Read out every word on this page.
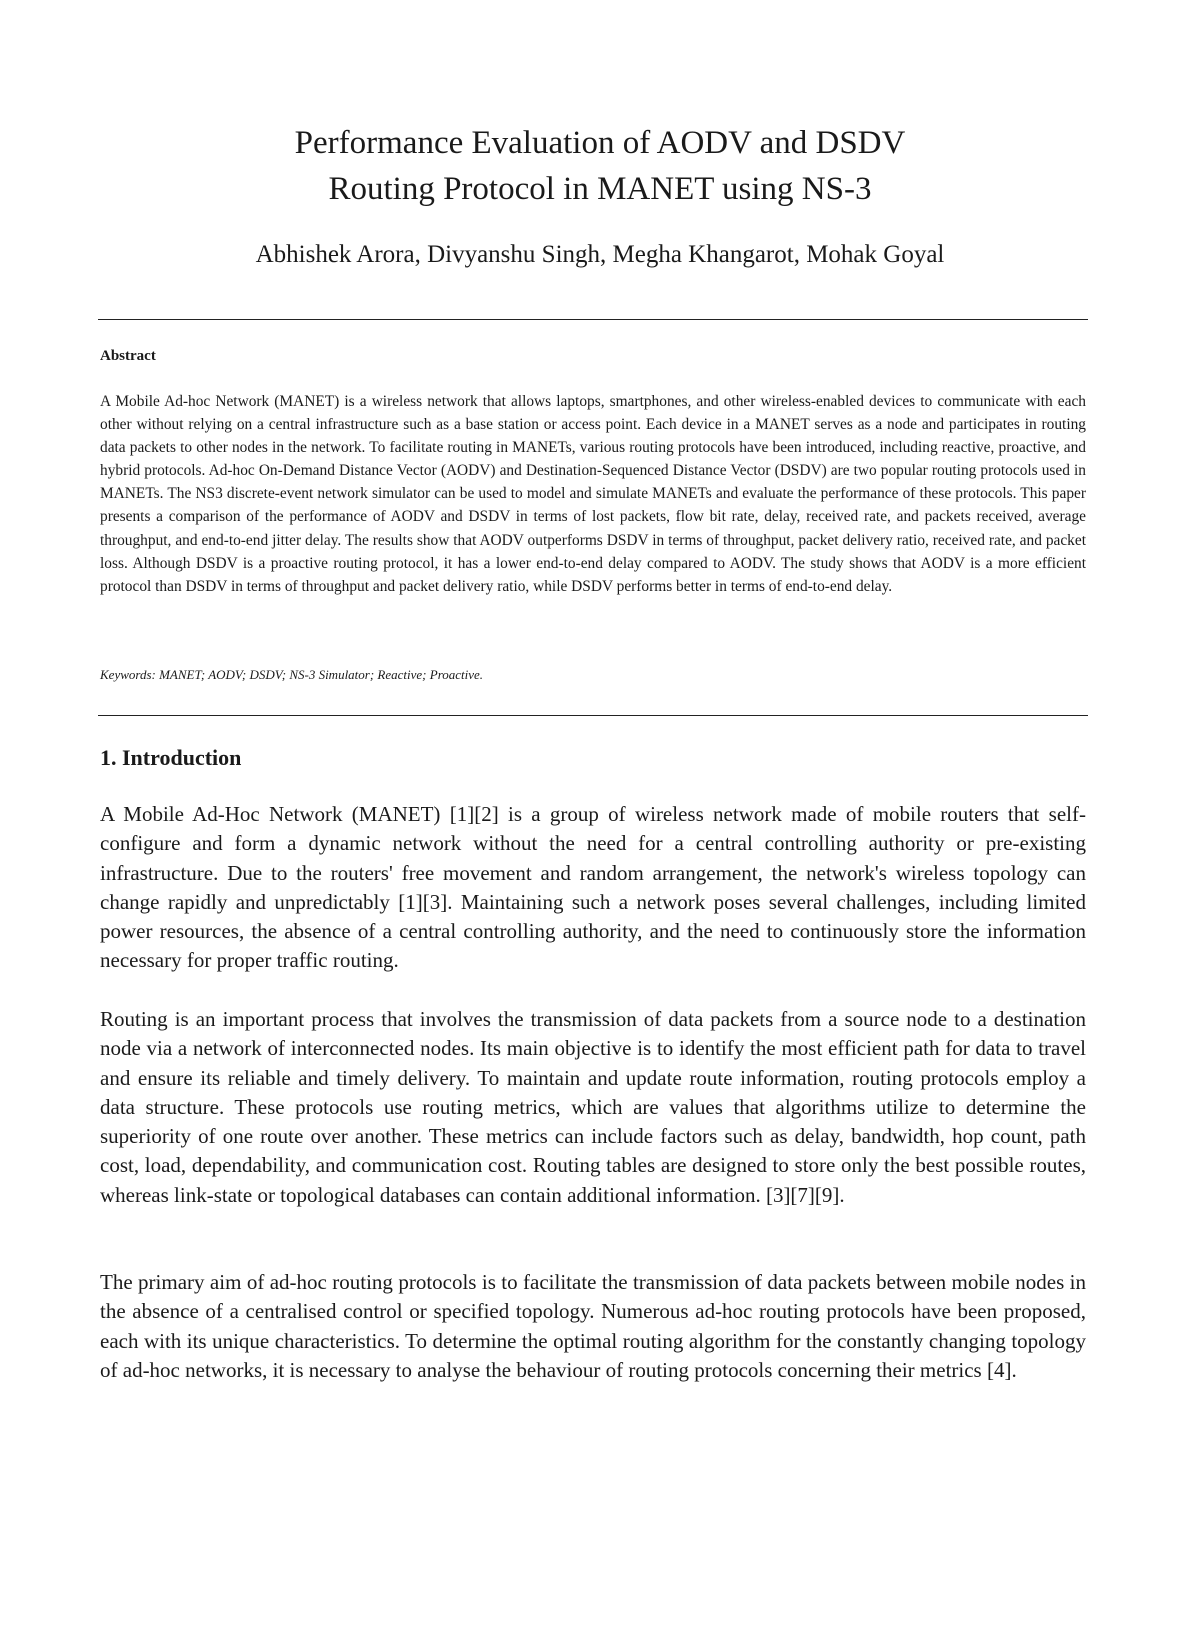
Performance Evaluation of AODV and DSDV
Routing Protocol in MANET using NS-3

Abhishek Arora, Divyanshu Singh, Megha Khangarot, Mohak Goyal

Abstract

A Mobile Ad-hoc Network (MANET) is a wireless network that allows laptops, smartphones, and other wireless-enabled devices to communicate with each other without relying on a central infrastructure such as a base station or access point. Each device in a MANET serves as a node and participates in routing data packets to other nodes in the network. To facilitate routing in MANETs, various routing protocols have been introduced, including reactive, proactive, and hybrid protocols. Ad-hoc On-Demand Distance Vector (AODV) and Destination-Sequenced Distance Vector (DSDV) are two popular routing protocols used in MANETs. The NS3 discrete-event network simulator can be used to model and simulate MANETs and evaluate the performance of these protocols. This paper presents a comparison of the performance of AODV and DSDV in terms of lost packets, flow bit rate, delay, received rate, and packets received, average throughput, and end-to-end jitter delay. The results show that AODV outperforms DSDV in terms of throughput, packet delivery ratio, received rate, and packet loss. Although DSDV is a proactive routing protocol, it has a lower end-to-end delay compared to AODV. The study shows that AODV is a more efficient protocol than DSDV in terms of throughput and packet delivery ratio, while DSDV performs better in terms of end-to-end delay.

Keywords: MANET; AODV; DSDV; NS-3 Simulator; Reactive; Proactive.

1. Introduction

A Mobile Ad-Hoc Network (MANET) [1][2] is a group of wireless network made of mobile routers that self-configure and form a dynamic network without the need for a central controlling authority or pre-existing infrastructure. Due to the routers' free movement and random arrangement, the network's wireless topology can change rapidly and unpredictably [1][3]. Maintaining such a network poses several challenges, including limited power resources, the absence of a central controlling authority, and the need to continuously store the information necessary for proper traffic routing.

Routing is an important process that involves the transmission of data packets from a source node to a destination node via a network of interconnected nodes. Its main objective is to identify the most efficient path for data to travel and ensure its reliable and timely delivery. To maintain and update route information, routing protocols employ a data structure. These protocols use routing metrics, which are values that algorithms utilize to determine the superiority of one route over another. These metrics can include factors such as delay, bandwidth, hop count, path cost, load, dependability, and communication cost. Routing tables are designed to store only the best possible routes, whereas link-state or topological databases can contain additional information. [3][7][9].

The primary aim of ad-hoc routing protocols is to facilitate the transmission of data packets between mobile nodes in the absence of a centralised control or specified topology. Numerous ad-hoc routing protocols have been proposed, each with its unique characteristics. To determine the optimal routing algorithm for the constantly changing topology of ad-hoc networks, it is necessary to analyse the behaviour of routing protocols concerning their metrics [4].
